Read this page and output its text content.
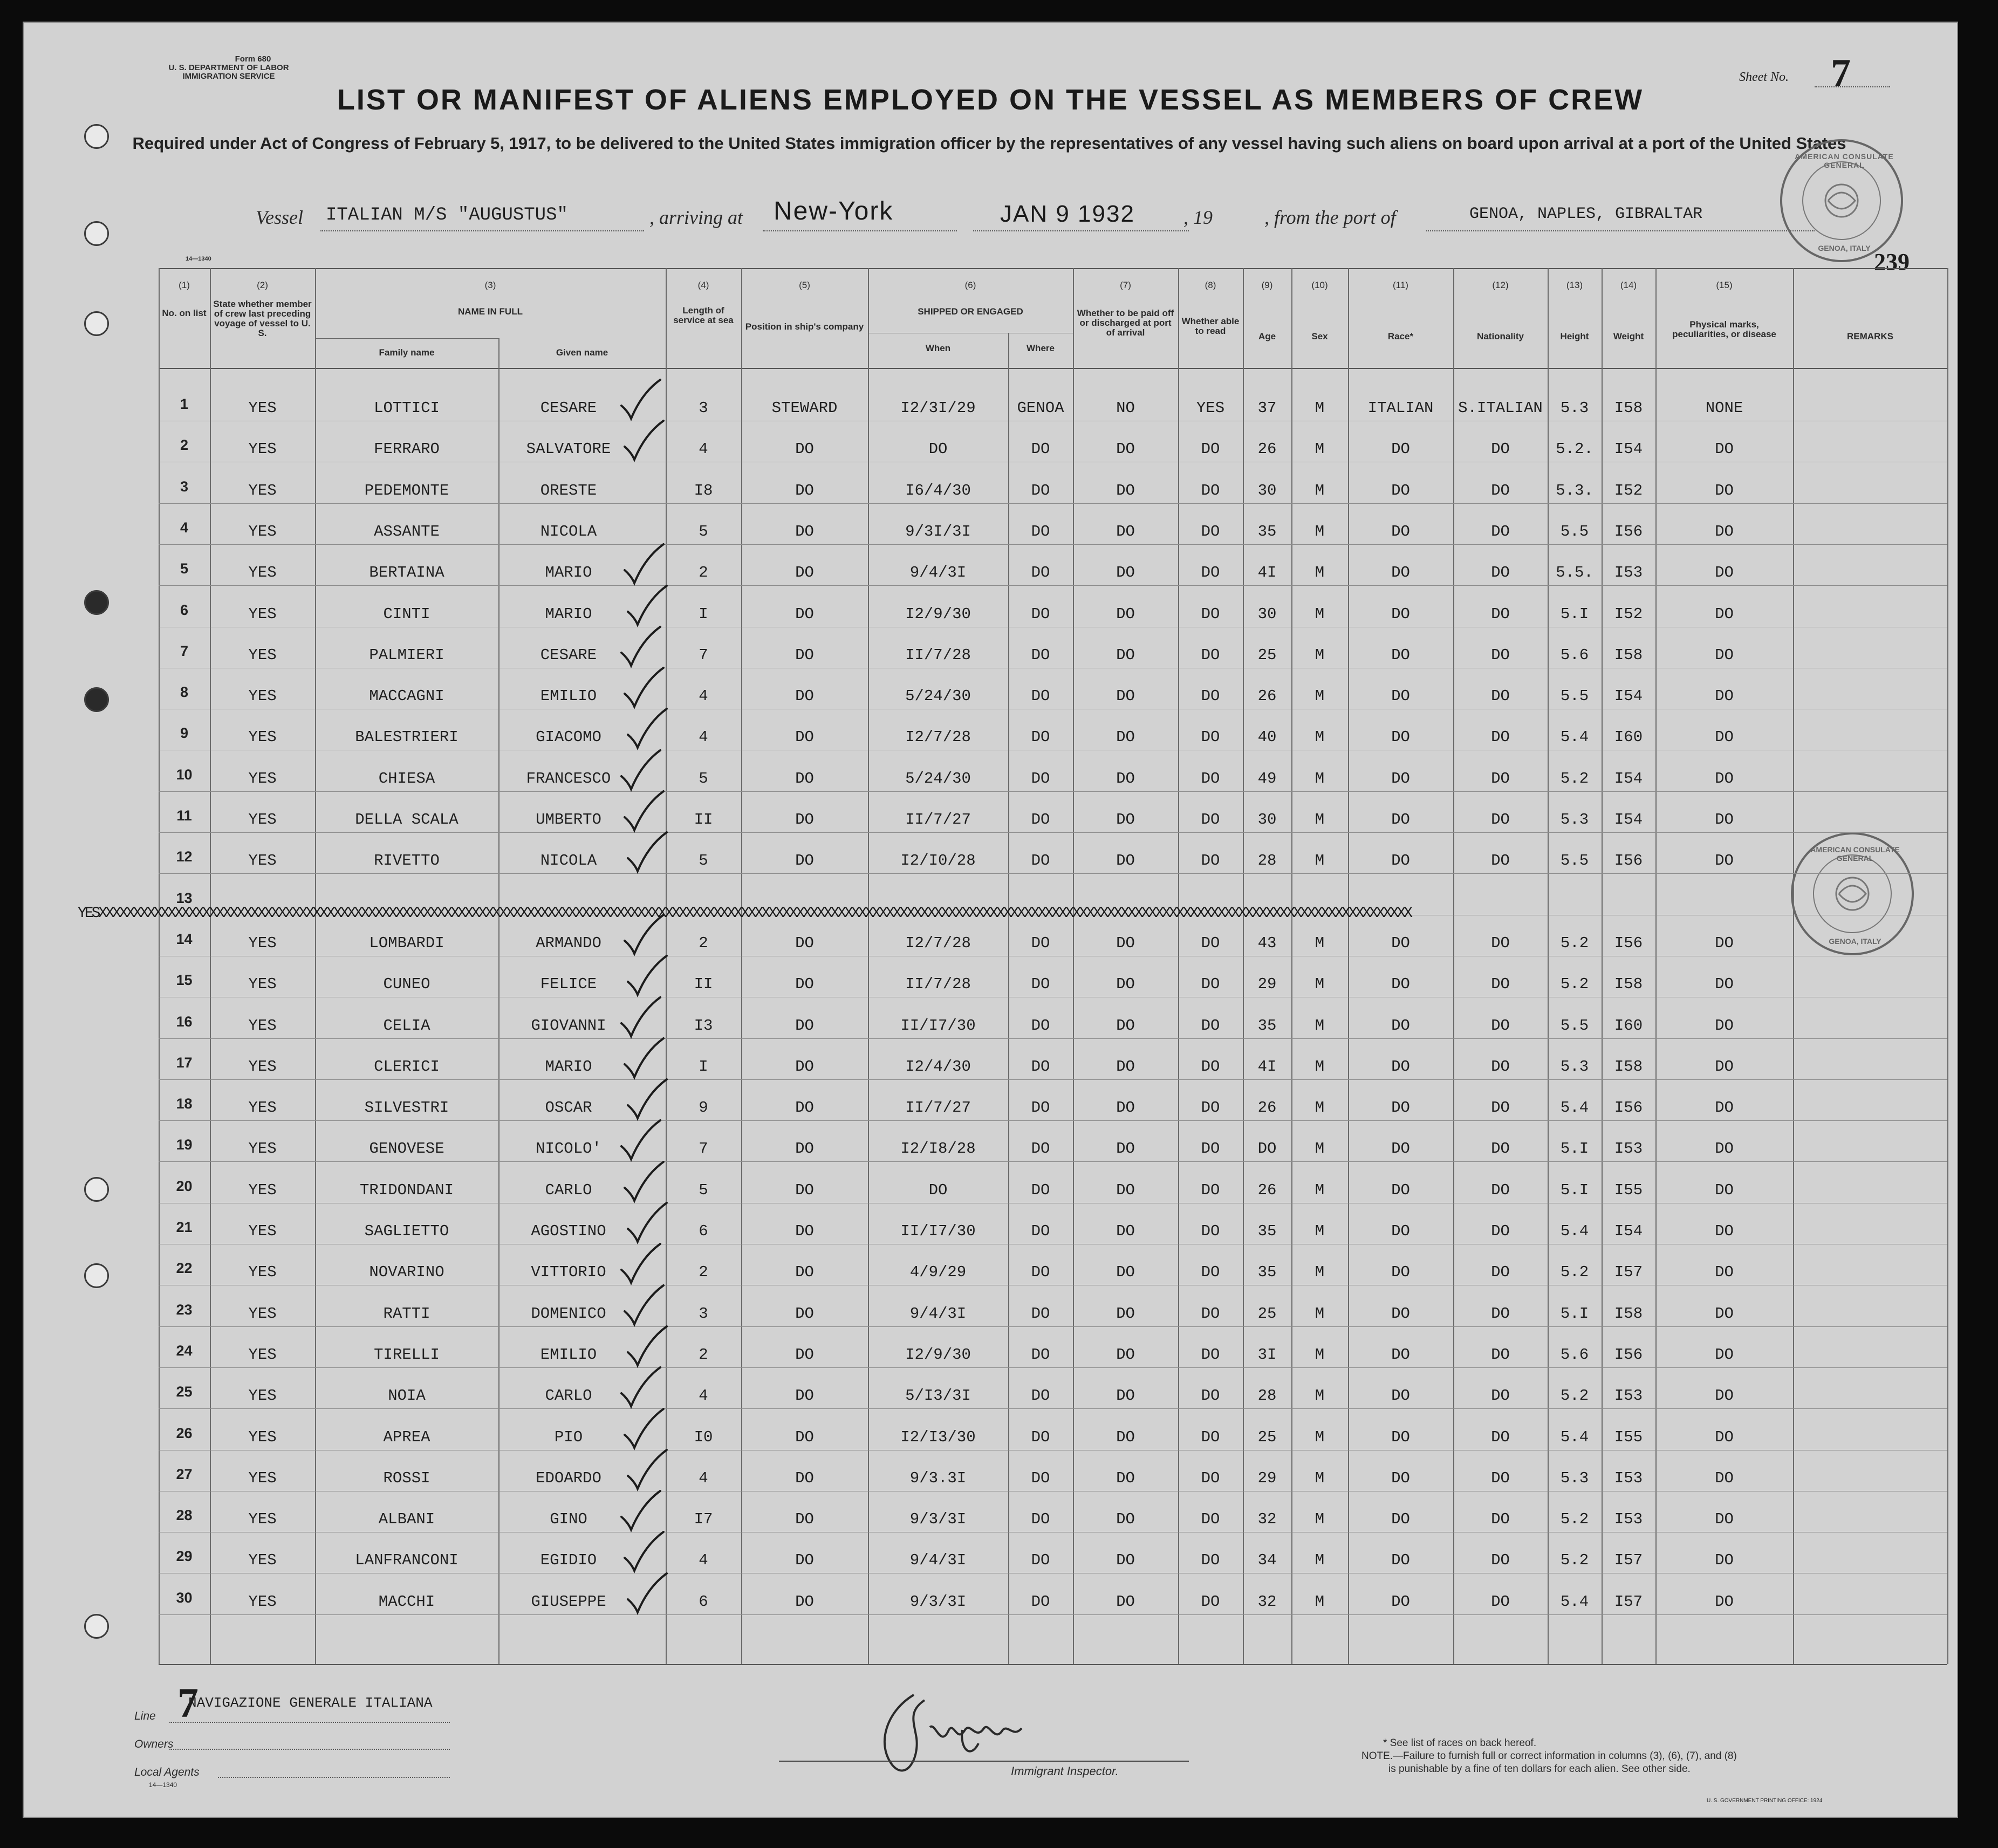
Form 680
U. S. DEPARTMENT OF LABOR
IMMIGRATION SERVICE	Sheet No. 7
LIST OR MANIFEST OF ALIENS EMPLOYED ON THE VESSEL AS MEMBERS OF CREW
Required under Act of Congress of February 5, 1917, to be delivered to the United States immigration officer by the representatives of any vessel having such aliens on board upon arrival at a port of the United States
Vessel ITALIAN M/S "AUGUSTUS"	, arriving at New-York	JAN 9 1932	, 19	, from the port of	GENOA, NAPLES, GIBRALTAR
AMERICAN CONSULATE GENERAL
GENOA, ITALY
AMERICAN CONSULATE GENERAL
GENOA, ITALY
14—1340	239
(1)
No. on list
(2)
State whether member of crew last preceding voyage of vessel to U. S.
(3)
NAME IN FULL
Family name	Given name
(4)
Length of service at sea
(5)
Position in ship's company
(6)
SHIPPED OR ENGAGED
When	Where
(7)
Whether to be paid off or discharged at port of arrival
(8)
Whether able to read
(9)
Age
(10)
Sex
(11)
Race*
(12)
Nationality
(13)
Height
(14)
Weight
(15)
Physical marks, peculiarities, or disease	REMARKS
1	YES	LOTTICI	CESARE	3	STEWARD	I2/3I/29	GENOA	NO	YES	37	M	ITALIAN	S.ITALIAN	5.3	I58	NONE
2	YES	FERRARO	SALVATORE	4	DO	DO	DO	DO	DO	26	M	DO	DO	5.2.	I54	DO
3	YES	PEDEMONTE	ORESTE	I8	DO	I6/4/30	DO	DO	DO	30	M	DO	DO	5.3.	I52	DO
4	YES	ASSANTE	NICOLA	5	DO	9/3I/3I	DO	DO	DO	35	M	DO	DO	5.5	I56	DO
5	YES	BERTAINA	MARIO	2	DO	9/4/3I	DO	DO	DO	4I	M	DO	DO	5.5.	I53	DO
6	YES	CINTI	MARIO	I	DO	I2/9/30	DO	DO	DO	30	M	DO	DO	5.I	I52	DO
7	YES	PALMIERI	CESARE	7	DO	II/7/28	DO	DO	DO	25	M	DO	DO	5.6	I58	DO
8	YES	MACCAGNI	EMILIO	4	DO	5/24/30	DO	DO	DO	26	M	DO	DO	5.5	I54	DO
9	YES	BALESTRIERI	GIACOMO	4	DO	I2/7/28	DO	DO	DO	40	M	DO	DO	5.4	I60	DO
10	YES	CHIESA	FRANCESCO	5	DO	5/24/30	DO	DO	DO	49	M	DO	DO	5.2	I54	DO
11	YES	DELLA SCALA	UMBERTO	II	DO	II/7/27	DO	DO	DO	30	M	DO	DO	5.3	I54	DO
12	YES	RIVETTO	NICOLA	5	DO	I2/I0/28	DO	DO	DO	28	M	DO	DO	5.5	I56	DO
13
14	YES	LOMBARDI	ARMANDO	2	DO	I2/7/28	DO	DO	DO	43	M	DO	DO	5.2	I56	DO
15	YES	CUNEO	FELICE	II	DO	II/7/28	DO	DO	DO	29	M	DO	DO	5.2	I58	DO
16	YES	CELIA	GIOVANNI	I3	DO	II/I7/30	DO	DO	DO	35	M	DO	DO	5.5	I60	DO
17	YES	CLERICI	MARIO	I	DO	I2/4/30	DO	DO	DO	4I	M	DO	DO	5.3	I58	DO
18	YES	SILVESTRI	OSCAR	9	DO	II/7/27	DO	DO	DO	26	M	DO	DO	5.4	I56	DO
19	YES	GENOVESE	NICOLO'	7	DO	I2/I8/28	DO	DO	DO	DO	M	DO	DO	5.I	I53	DO
20	YES	TRIDONDANI	CARLO	5	DO	DO	DO	DO	DO	26	M	DO	DO	5.I	I55	DO
21	YES	SAGLIETTO	AGOSTINO	6	DO	II/I7/30	DO	DO	DO	35	M	DO	DO	5.4	I54	DO
22	YES	NOVARINO	VITTORIO	2	DO	4/9/29	DO	DO	DO	35	M	DO	DO	5.2	I57	DO
23	YES	RATTI	DOMENICO	3	DO	9/4/3I	DO	DO	DO	25	M	DO	DO	5.I	I58	DO
24	YES	TIRELLI	EMILIO	2	DO	I2/9/30	DO	DO	DO	3I	M	DO	DO	5.6	I56	DO
25	YES	NOIA	CARLO	4	DO	5/I3/3I	DO	DO	DO	28	M	DO	DO	5.2	I53	DO
26	YES	APREA	PIO	I0	DO	I2/I3/30	DO	DO	DO	25	M	DO	DO	5.4	I55	DO
27	YES	ROSSI	EDOARDO	4	DO	9/3.3I	DO	DO	DO	29	M	DO	DO	5.3	I53	DO
28	YES	ALBANI	GINO	I7	DO	9/3/3I	DO	DO	DO	32	M	DO	DO	5.2	I53	DO
29	YES	LANFRANCONI	EGIDIO	4	DO	9/4/3I	DO	DO	DO	34	M	DO	DO	5.2	I57	DO
30	YES	MACCHI	GIUSEPPE	6	DO	9/3/3I	DO	DO	DO	32	M	DO	DO	5.4	I57	DO
YESXXXXXXXXXXXXXXXXXXXXXXXXXXXXXXXXXXXXXXXXXXXXXXXXXXXXXXXXXXXXXXXXXXXXXXXXXXXXXXXXXXXXXXXXXXXXXXXXXXXXXXXXXXXXXXXXXXXXXXXXXXXXXXXXXXXXXXXXXXXXXXXXXXXXXXXXXXXXXXXXXXXXXXXXXXXXXXXXXXXXXXXXXXXXXX
Line 7
Owners
NAVIGAZIONE GENERALE ITALIANA
Local Agents
14—1340
Immigrant Inspector.
* See list of races on back hereof.
NOTE.—Failure to furnish full or correct information in columns (3), (6), (7), and (8)
is punishable by a fine of ten dollars for each alien. See other side.
U. S. GOVERNMENT PRINTING OFFICE: 1924
